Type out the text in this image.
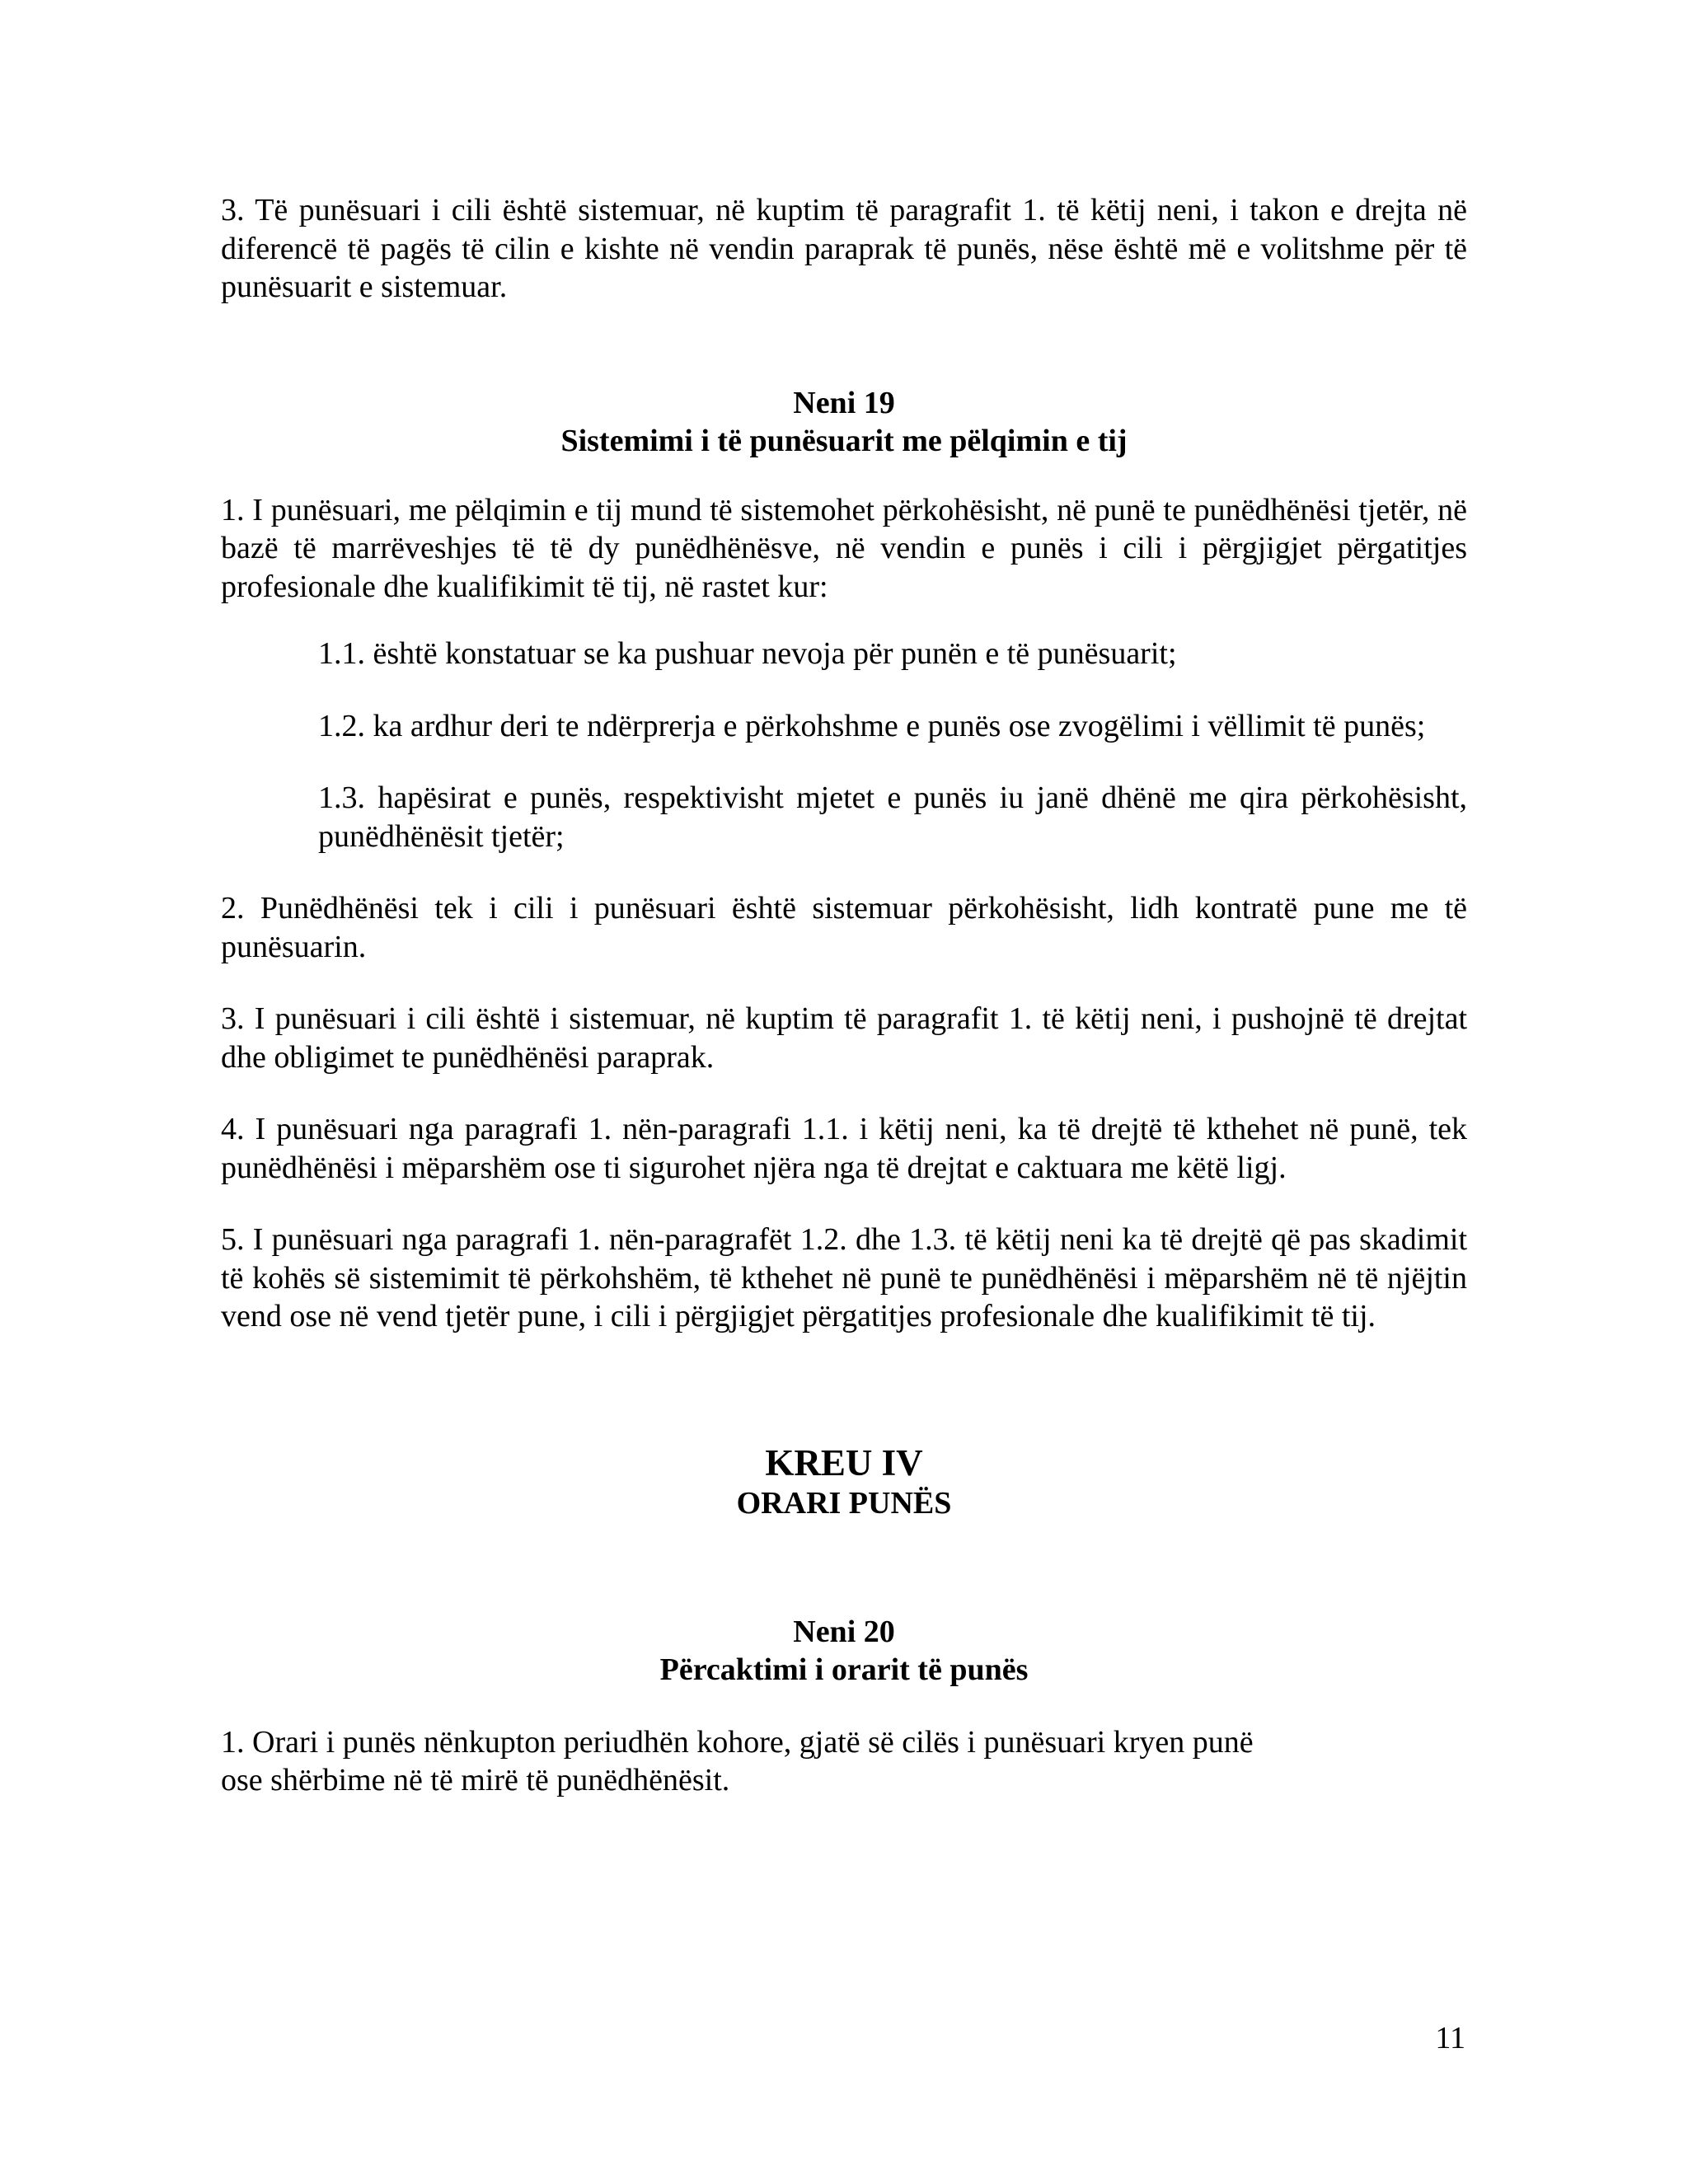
3. Të punësuari i cili është sistemuar, në kuptim të paragrafit 1. të këtij neni, i takon e drejta në diferencë të pagës të cilin e kishte në vendin paraprak të punës, nëse është më e volitshme për të punësuarit e sistemuar.

Neni 19

Sistemimi i të punësuarit me pëlqimin e tij

1. I punësuari, me pëlqimin e tij mund të sistemohet përkohësisht, në punë te punëdhënësi tjetër, në bazë të marrëveshjes të të dy punëdhënësve, në vendin e punës i cili i përgjigjet përgatitjes profesionale dhe kualifikimit të tij, në rastet kur:

1.1. është konstatuar se ka pushuar nevoja për punën e të punësuarit;

1.2. ka ardhur deri te ndërprerja e përkohshme e punës ose zvogëlimi i vëllimit të punës;

1.3. hapësirat e punës, respektivisht mjetet e punës iu janë dhënë me qira përkohësisht, punëdhënësit tjetër;

2. Punëdhënësi tek i cili i punësuari është sistemuar përkohësisht, lidh kontratë pune me të punësuarin.

3. I punësuari i cili është i sistemuar, në kuptim të paragrafit 1. të këtij neni, i pushojnë të drejtat dhe obligimet te punëdhënësi paraprak.

4. I punësuari nga paragrafi 1. nën-paragrafi 1.1. i këtij neni, ka të drejtë të kthehet në punë, tek punëdhënësi i mëparshëm ose ti sigurohet njëra nga të drejtat e caktuara me këtë ligj.

5. I punësuari nga paragrafi 1. nën-paragrafët 1.2. dhe 1.3. të këtij neni ka të drejtë që pas skadimit të kohës së sistemimit të përkohshëm, të kthehet në punë te punëdhënësi i mëparshëm në të njëjtin vend ose në vend tjetër pune, i cili i përgjigjet përgatitjes profesionale dhe kualifikimit të tij.

KREU IV

ORARI PUNËS

Neni 20

Përcaktimi i orarit të punës

1. Orari i punës nënkupton periudhën kohore, gjatë së cilës i punësuari kryen punë ose shërbime në të mirë të punëdhënësit.

11
